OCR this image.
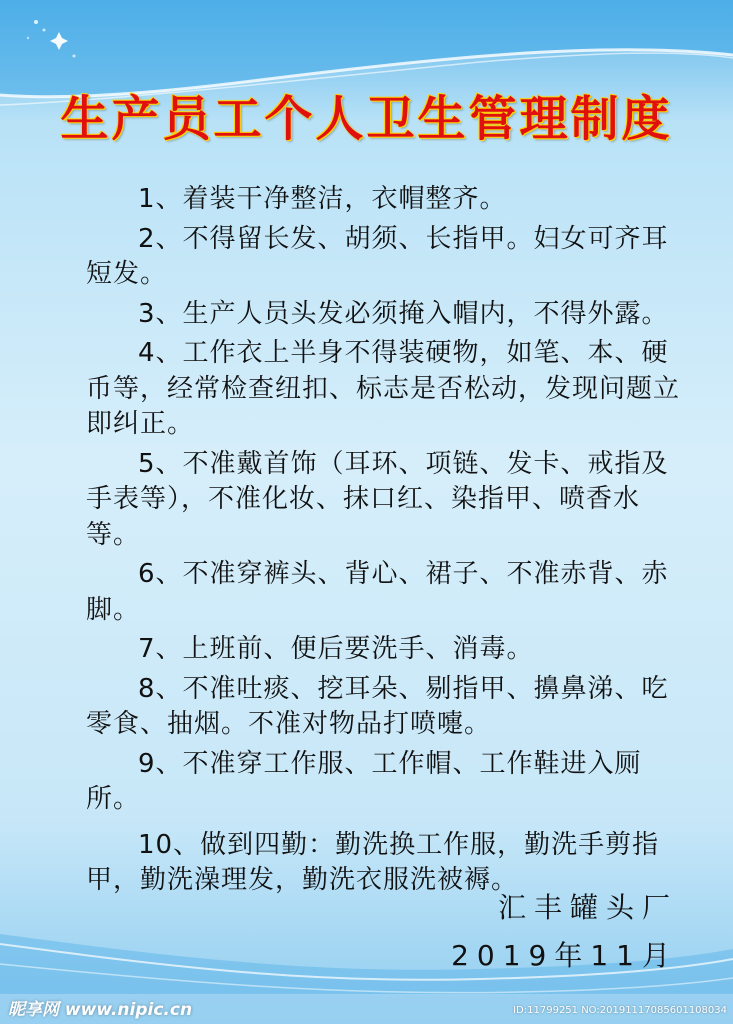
生产员工个人卫生管理制度
1、着装干净整洁，衣帽整齐。
2、不得留长发、胡须、长指甲。妇女可齐耳短发。
3、生产人员头发必须掩入帽内，不得外露。
4、工作衣上半身不得装硬物，如笔、本、硬币等，经常检查纽扣、标志是否松动，发现问题立即纠正。
5、不准戴首饰（耳环、项链、发卡、戒指及手表等），不准化妆、抹口红、染指甲、喷香水等。
6、不准穿裤头、背心、裙子、不准赤背、赤脚。
7、上班前、便后要洗手、消毒。
8、不准吐痰、挖耳朵、剔指甲、擤鼻涕、吃零食、抽烟。不准对物品打喷嚏。
9、不准穿工作服、工作帽、工作鞋进入厕所。
10、做到四勤：勤洗换工作服，勤洗手剪指甲，勤洗澡理发，勤洗衣服洗被褥。
汇丰罐头厂
2019年11月
昵享网 www.nipic.cn	ID:11799251 NO:20191117085601108034
